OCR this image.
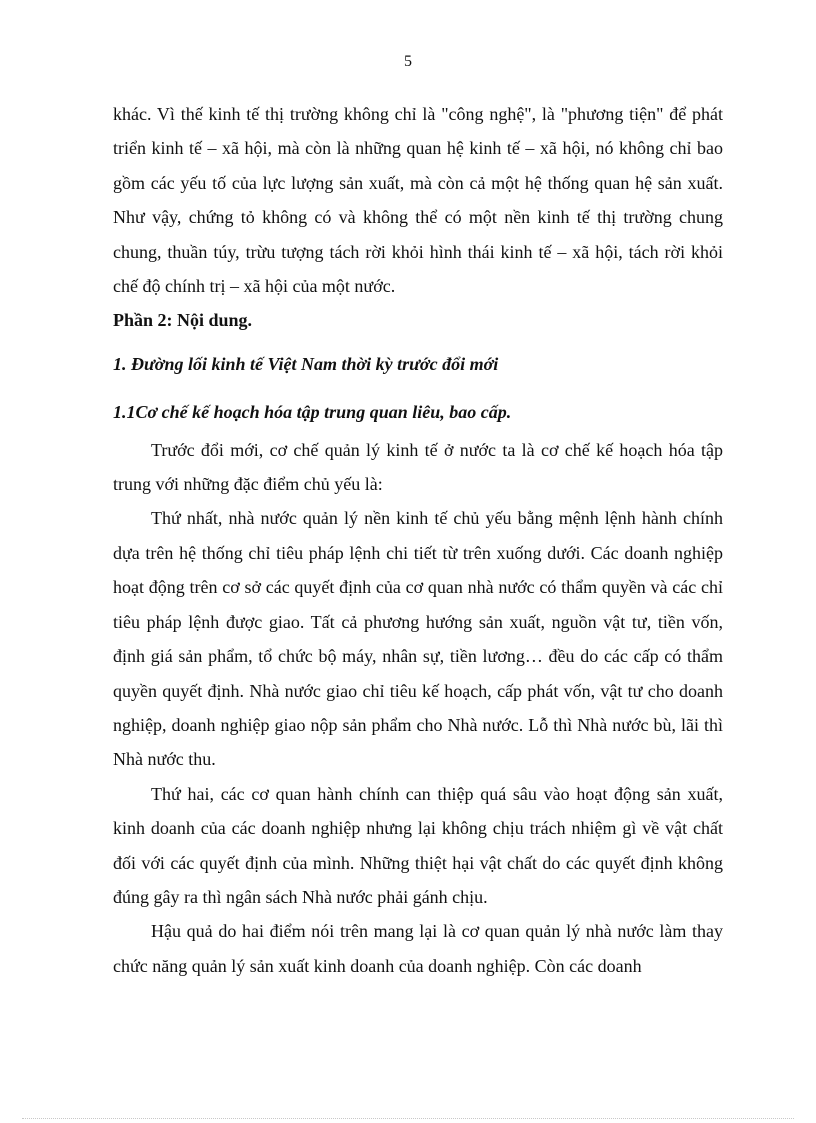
5

khác. Vì thế kinh tế thị trường không chỉ là "công nghệ", là "phương tiện" để phát triển kinh tế – xã hội, mà còn là những quan hệ kinh tế – xã hội, nó không chỉ bao gồm các yếu tố của lực lượng sản xuất, mà còn cả một hệ thống quan hệ sản xuất. Như vậy, chứng tỏ không có và không thể có một nền kinh tế thị trường chung chung, thuần túy, trừu tượng tách rời khỏi hình thái kinh tế – xã hội, tách rời khỏi chế độ chính trị – xã hội của một nước.

Phần 2: Nội dung.

1. Đường lối kinh tế Việt Nam thời kỳ trước đổi mới

1.1Cơ chế kế hoạch hóa tập trung quan liêu, bao cấp.

Trước đổi mới, cơ chế quản lý kinh tế ở nước ta là cơ chế kế hoạch hóa tập trung với những đặc điểm chủ yếu là:

Thứ nhất, nhà nước quản lý nền kinh tế chủ yếu bằng mệnh lệnh hành chính dựa trên hệ thống chỉ tiêu pháp lệnh chi tiết từ trên xuống dưới. Các doanh nghiệp hoạt động trên cơ sở các quyết định của cơ quan nhà nước có thẩm quyền và các chỉ tiêu pháp lệnh được giao. Tất cả phương hướng sản xuất, nguồn vật tư, tiền vốn, định giá sản phẩm, tổ chức bộ máy, nhân sự, tiền lương… đều do các cấp có thẩm quyền quyết định. Nhà nước giao chỉ tiêu kế hoạch, cấp phát vốn, vật tư cho doanh nghiệp, doanh nghiệp giao nộp sản phẩm cho Nhà nước. Lỗ thì Nhà nước bù, lãi thì Nhà nước thu.

Thứ hai, các cơ quan hành chính can thiệp quá sâu vào hoạt động sản xuất, kinh doanh của các doanh nghiệp nhưng lại không chịu trách nhiệm gì về vật chất đối với các quyết định của mình. Những thiệt hại vật chất do các quyết định không đúng gây ra thì ngân sách Nhà nước phải gánh chịu.

Hậu quả do hai điểm nói trên mang lại là cơ quan quản lý nhà nước làm thay chức năng quản lý sản xuất kinh doanh của doanh nghiệp. Còn các doanh
